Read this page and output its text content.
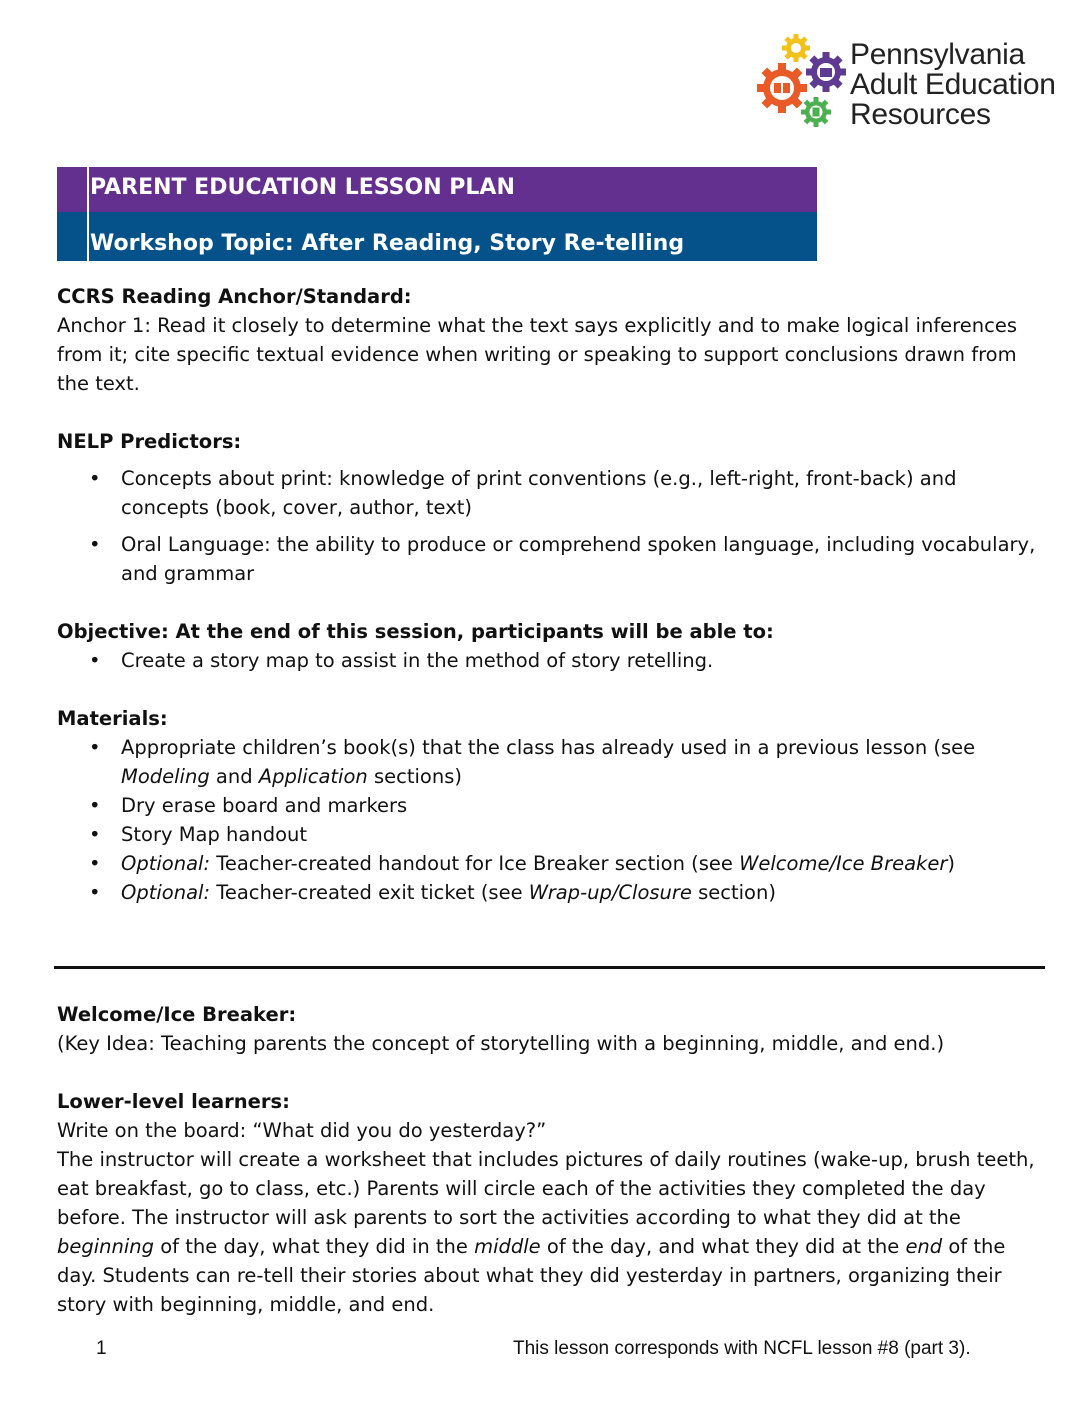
Pennsylvania
Adult Education
Resources
PARENT EDUCATION LESSON PLAN
Workshop Topic: After Reading, Story Re-telling

CCRS Reading Anchor/Standard:

Anchor 1: Read it closely to determine what the text says explicitly and to make logical inferences from it; cite specific textual evidence when writing or speaking to support conclusions drawn from the text.

NELP Predictors:

• Concepts about print: knowledge of print conventions (e.g., left-right, front-back) and concepts (book, cover, author, text)
• Oral Language: the ability to produce or comprehend spoken language, including vocabulary, and grammar

Objective: At the end of this session, participants will be able to:

• Create a story map to assist in the method of story retelling.

Materials:

• Appropriate children’s book(s) that the class has already used in a previous lesson (see Modeling and Application sections)
• Dry erase board and markers
• Story Map handout
• Optional: Teacher-created handout for Ice Breaker section (see Welcome/Ice Breaker)
• Optional: Teacher-created exit ticket (see Wrap-up/Closure section)

Welcome/Ice Breaker:

(Key Idea: Teaching parents the concept of storytelling with a beginning, middle, and end.)

Lower-level learners:

Write on the board: “What did you do yesterday?”

The instructor will create a worksheet that includes pictures of daily routines (wake-up, brush teeth, eat breakfast, go to class, etc.) Parents will circle each of the activities they completed the day before. The instructor will ask parents to sort the activities according to what they did at the beginning of the day, what they did in the middle of the day, and what they did at the end of the day. Students can re-tell their stories about what they did yesterday in partners, organizing their story with beginning, middle, and end.

1	This lesson corresponds with NCFL lesson #8 (part 3).
